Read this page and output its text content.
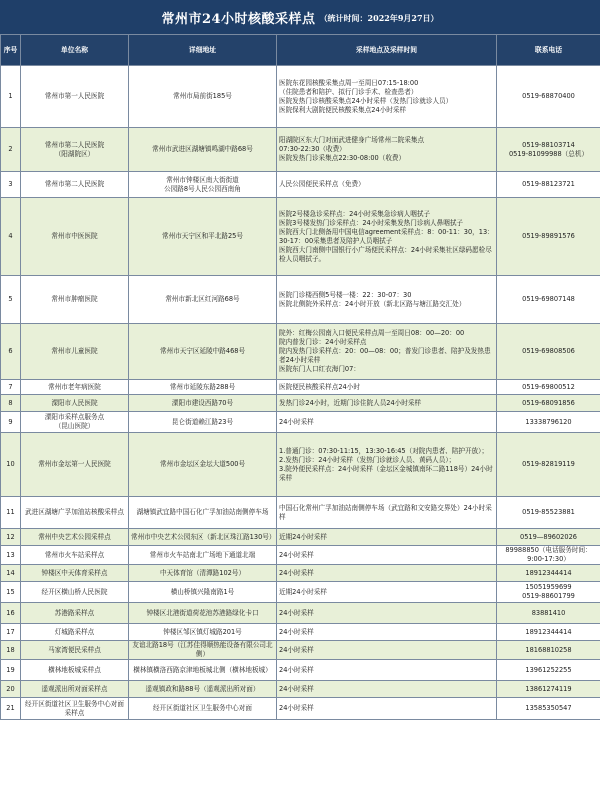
常州市24小时核酸采样点 （统计时间：2022年9月27日）
序号	单位名称	详细地址	采样地点及采样时间	联系电话
1	常州市第一人民医院	常州市局前街185号	医院东花园核酸采集点周一至周日07:15-18:00
（住院患者和陪护、拟行门诊手术、检查患者）
医院发热门诊核酸采集点24小时采样（发热门诊就诊人员）
医院保利大剧院便民核酸采集点24小时采样	0519-68870400
2	常州市第二人民医院
（阳湖院区）	常州市武进区湖塘镇鸣湖中路68号	阳湖院区东大门对面武进健身广场常州二院采集点
07:30-22:30（收费）
医院发热门诊采集点22:30-08:00（收费）	0519-88103714
0519-81099988（总机）

3	常州市第二人民医院	常州市钟楼区南大街街道
公园路8号人民公园西南角	人民公园便民采样点（免费）	0519-88123721
4	常州市中医医院	常州市天宁区和平北路25号	医院2号楼急诊采样点：24小时采集急诊病人咽拭子
医院3号楼发热门诊采样点：24小时采集发热门诊病人鼻咽拭子
医院西大门北侧备用中国电信agreement采样点：8：00-11：30，13：30-17：00采集患者及陪护人员咽拭子
医院西大门南侧中国银行小广场便民采样点：24小时采集社区绿码愿检尽检人员咽拭子。	0519-89891576
5	常州市肿瘤医院	常州市新北区红河路68号	医院门诊楼西侧5号楼一楼：22：30-07：30
医院北侧院外采样点：24小时开放（新北区路与塘江路交汇处）	0519-69807148
6	常州市儿童医院	常州市天宁区延陵中路468号	院外：红梅公园南入口便民采样点周一至周日08：00—20：00
院内普发门诊：24小时采样点
院内发热门诊采样点：20：00—08：00；普发门诊患者、陪护及发热患者24小时采样
医院东门人口红衣海门07：	0519-69808506
7	常州市老年病医院	常州市延陵东路288号	医院便民核酸采样点24小时	0519-69800512
8	溧阳市人民医院	溧阳市建设西路70号	发热门诊24小时，近期门诊住院人员24小时采样	0519-68091856
9	溧阳市采样点服务点
（昆山医院）	昆仑街道赖江路23号	24小时采样	13338796120
10	常州市金坛第一人民医院	常州市金坛区金坛大道500号	1.普通门诊：07:30-11:15，13:30-16:45（对院内患者、陪护开放）；
2.发热门诊：24小时采样（发热门诊就诊人员、黄码人员）；
3.院外便民采样点：24小时采样（金坛区金城镇南环二路118号）24小时采样	0519-82819119
11	武进区湖塘广孚加油站核酸采样点	湖塘镇武宜路中国石化广孚加油站南侧停车场	中国石化常州广孚加油站南侧停车场（武宜路和文安路交界处）24小时采样	0519-85523881
12	常州中央艺术公园采样点	常州市中央艺术公园东区（新北区珠江路130号）	近期24小时采样	0519—89602026
13	常州市火车站采样点	常州市火车站南北广场地下通道北端	24小时采样	89988850（电话服务时间：9:00-17:30）
14	钟楼区中天体育采样点	中天体育馆（清潭路102号）	24小时采样	18912344414
15	经开区横山桥人民医院	横山桥镇兴隆南路1号	近期24小时采样	15051959699
0519-88601799

16	苏港路采样点	钟楼区北港街道荷花池苏港路绿化卡口	24小时采样	83881410
17	灯城路采样点	钟楼区邹区镇灯城路201号	24小时采样	18912344414
18	马家湾便民采样点	友谊北路18号（江苏佳得顺热能设备有限公司北侧）	24小时采样	18168810258
19	横林地板城采样点	横林镇横洛西路京津地板城北侧（横林地板城）	24小时采样	13961252255
20	遥观派出所对面采样点	遥观镇政和路88号（遥观派出所对面）	24小时采样	13861274119
21	经开区街道社区卫生服务中心对面采样点	经开区街道社区卫生服务中心对面	24小时采样	13585350547
